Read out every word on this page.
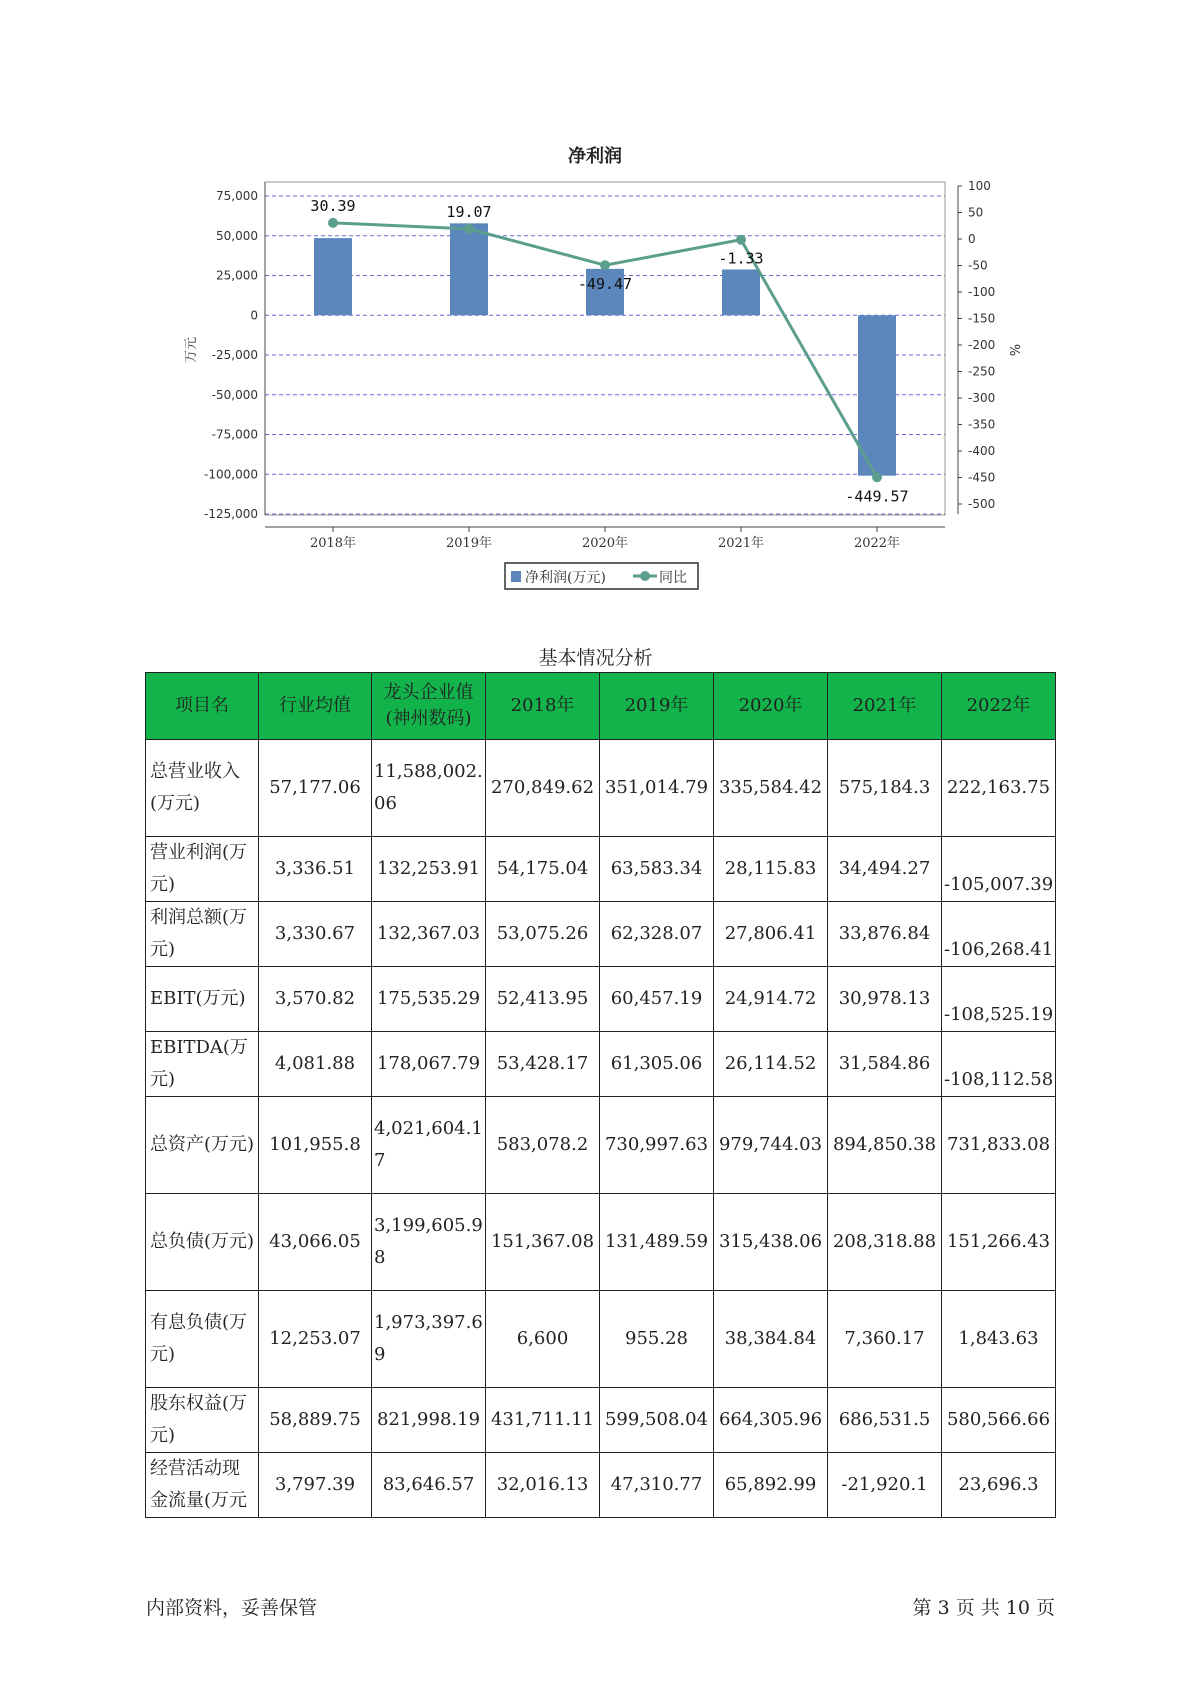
净利润
75,000
50,000
25,000
0
-25,000
-50,000
-75,000
-100,000
-125,000
100
50
0
-50
-100
-150
-200
-250
-300
-350
-400
-450
-500
万元	%
2018年	2019年	2020年	2021年	2022年
30.39	19.07
-49.47
-1.33
-449.57
净利润(万元)	同比
基本情况分析
项目名	行业均值	龙头企业值(神州数码)	2018年	2019年	2020年	2021年	2022年
总营业收入(万元)	57,177.06	11,588,002.06	270,849.62	351,014.79	335,584.42	575,184.3	222,163.75
营业利润(万元)	3,336.51	132,253.91	54,175.04	63,583.34	28,115.83	34,494.27	-105,007.39
利润总额(万元)	3,330.67	132,367.03	53,075.26	62,328.07	27,806.41	33,876.84	-106,268.41
EBIT(万元)	3,570.82	175,535.29	52,413.95	60,457.19	24,914.72	30,978.13	-108,525.19
EBITDA(万元)	4,081.88	178,067.79	53,428.17	61,305.06	26,114.52	31,584.86	-108,112.58
总资产(万元)	101,955.8	4,021,604.17	583,078.2	730,997.63	979,744.03	894,850.38	731,833.08
总负债(万元)	43,066.05	3,199,605.98	151,367.08	131,489.59	315,438.06	208,318.88	151,266.43
有息负债(万元)	12,253.07	1,973,397.69	6,600	955.28	38,384.84	7,360.17	1,843.63
股东权益(万元)	58,889.75	821,998.19	431,711.11	599,508.04	664,305.96	686,531.5	580,566.66
经营活动现金流量(万元	3,797.39	83,646.57	32,016.13	47,310.77	65,892.99	-21,920.1	23,696.3
内部资料，妥善保管	第 3 页 共 10 页
